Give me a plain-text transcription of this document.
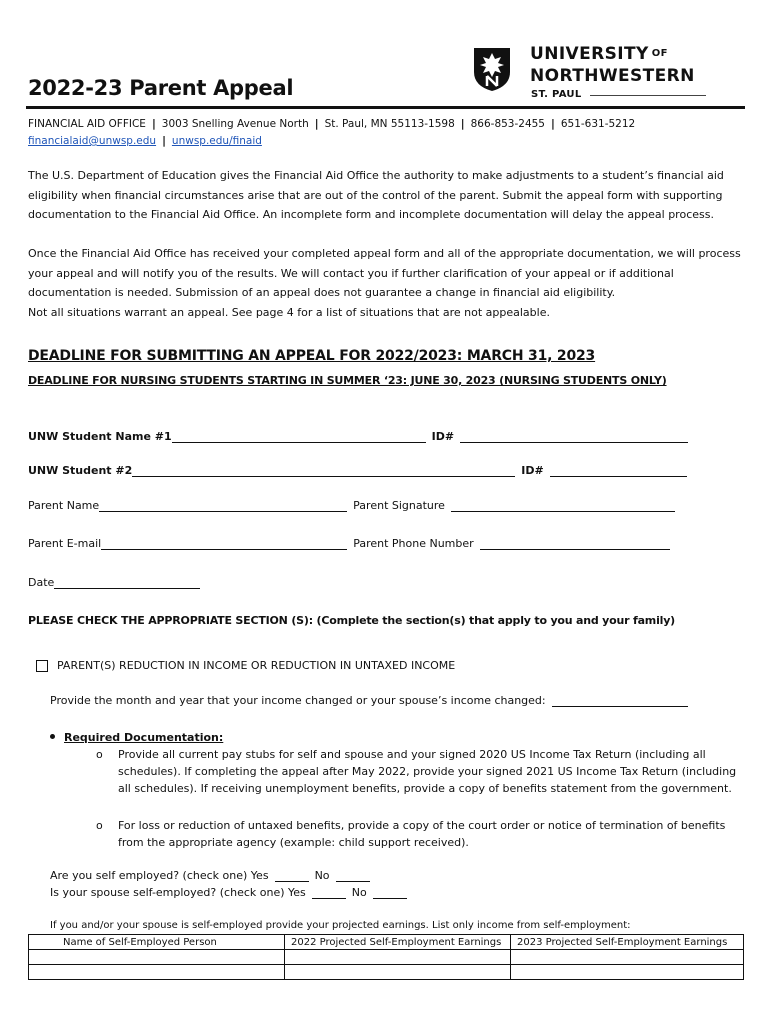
2022-23 Parent Appeal
UNIVERSITY OF
NORTHWESTERN
ST. PAUL
FINANCIAL AID OFFICE | 3003 Snelling Avenue North | St. Paul, MN 55113-1598 | 866-853-2455 | 651-631-5212
financialaid@unwsp.edu | unwsp.edu/finaid
The U.S. Department of Education gives the Financial Aid Office the authority to make adjustments to a student’s financial aid eligibility when financial circumstances arise that are out of the control of the parent. Submit the appeal form with supporting documentation to the Financial Aid Office. An incomplete form and incomplete documentation will delay the appeal process.
Once the Financial Aid Office has received your completed appeal form and all of the appropriate documentation, we will process your appeal and will notify you of the results. We will contact you if further clarification of your appeal or if additional documentation is needed. Submission of an appeal does not guarantee a change in financial aid eligibility.
Not all situations warrant an appeal. See page 4 for a list of situations that are not appealable.
DEADLINE FOR SUBMITTING AN APPEAL FOR 2022/2023: MARCH 31, 2023
DEADLINE FOR NURSING STUDENTS STARTING IN SUMMER ‘23: JUNE 30, 2023 (NURSING STUDENTS ONLY)
UNW Student Name #1	ID#
UNW Student #2	ID#
Parent Name	Parent Signature
Parent E-mail	Parent Phone Number
Date
PLEASE CHECK THE APPROPRIATE SECTION (S): (Complete the section(s) that apply to you and your family)
PARENT(S) REDUCTION IN INCOME OR REDUCTION IN UNTAXED INCOME
Provide the month and year that your income changed or your spouse’s income changed:
Required Documentation:
o	Provide all current pay stubs for self and spouse and your signed 2020 US Income Tax Return (including all schedules). If completing the appeal after May 2022, provide your signed 2021 US Income Tax Return (including all schedules). If receiving unemployment benefits, provide a copy of benefits statement from the government.
o	For loss or reduction of untaxed benefits, provide a copy of the court order or notice of termination of benefits from the appropriate agency (example: child support received).
Are you self employed? (check one) Yes	No
Is your spouse self-employed? (check one) Yes	No
If you and/or your spouse is self-employed provide your projected earnings. List only income from self-employment:
Name of Self-Employed Person	2022 Projected Self-Employment Earnings	2023 Projected Self-Employment Earnings
